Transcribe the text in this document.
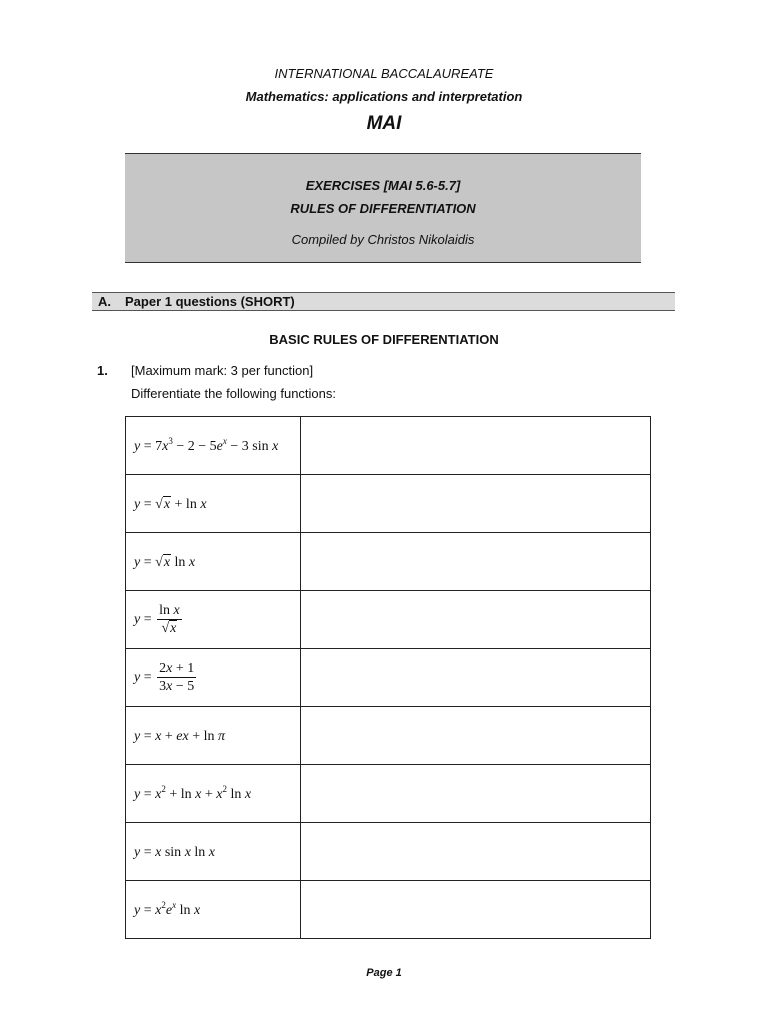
INTERNATIONAL BACCALAUREATE
Mathematics: applications and interpretation
MAI
EXERCISES [MAI 5.6-5.7]
RULES OF DIFFERENTIATION
Compiled by Christos Nikolaidis
A. Paper 1 questions (SHORT)
BASIC RULES OF DIFFERENTIATION
1. [Maximum mark: 3 per function]
Differentiate the following functions:
$y = 7x^3 - 2 - 5e^x - 3$ sin x	
y = √x + ln x	
y = √x ln x	
$y = \frac{\text{ln x}}{√x}$

$y = \frac{2x + 1}{3x - 5}$

y = x + ex + ln π	
$y = x^2 + \ln x + x^2$ ln x	
y = x sin x ln x	
$y = x^2e^x$ ln x	
Page 1
